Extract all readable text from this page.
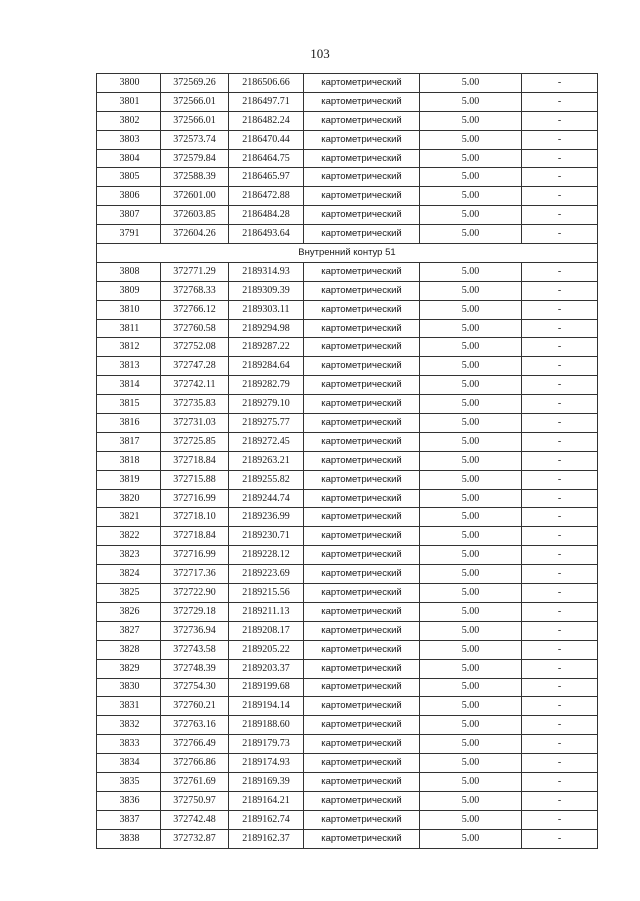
103
3800	372569.26	2186506.66	картометрический	5.00	-
3801	372566.01	2186497.71	картометрический	5.00	-
3802	372566.01	2186482.24	картометрический	5.00	-
3803	372573.74	2186470.44	картометрический	5.00	-
3804	372579.84	2186464.75	картометрический	5.00	-
3805	372588.39	2186465.97	картометрический	5.00	-
3806	372601.00	2186472.88	картометрический	5.00	-
3807	372603.85	2186484.28	картометрический	5.00	-
3791	372604.26	2186493.64	картометрический	5.00	-
Внутренний контур 51					
3808	372771.29	2189314.93	картометрический	5.00	-
3809	372768.33	2189309.39	картометрический	5.00	-
3810	372766.12	2189303.11	картометрический	5.00	-
3811	372760.58	2189294.98	картометрический	5.00	-
3812	372752.08	2189287.22	картометрический	5.00	-
3813	372747.28	2189284.64	картометрический	5.00	-
3814	372742.11	2189282.79	картометрический	5.00	-
3815	372735.83	2189279.10	картометрический	5.00	-
3816	372731.03	2189275.77	картометрический	5.00	-
3817	372725.85	2189272.45	картометрический	5.00	-
3818	372718.84	2189263.21	картометрический	5.00	-
3819	372715.88	2189255.82	картометрический	5.00	-
3820	372716.99	2189244.74	картометрический	5.00	-
3821	372718.10	2189236.99	картометрический	5.00	-
3822	372718.84	2189230.71	картометрический	5.00	-
3823	372716.99	2189228.12	картометрический	5.00	-
3824	372717.36	2189223.69	картометрический	5.00	-
3825	372722.90	2189215.56	картометрический	5.00	-
3826	372729.18	2189211.13	картометрический	5.00	-
3827	372736.94	2189208.17	картометрический	5.00	-
3828	372743.58	2189205.22	картометрический	5.00	-
3829	372748.39	2189203.37	картометрический	5.00	-
3830	372754.30	2189199.68	картометрический	5.00	-
3831	372760.21	2189194.14	картометрический	5.00	-
3832	372763.16	2189188.60	картометрический	5.00	-
3833	372766.49	2189179.73	картометрический	5.00	-
3834	372766.86	2189174.93	картометрический	5.00	-
3835	372761.69	2189169.39	картометрический	5.00	-
3836	372750.97	2189164.21	картометрический	5.00	-
3837	372742.48	2189162.74	картометрический	5.00	-
3838	372732.87	2189162.37	картометрический	5.00	-
